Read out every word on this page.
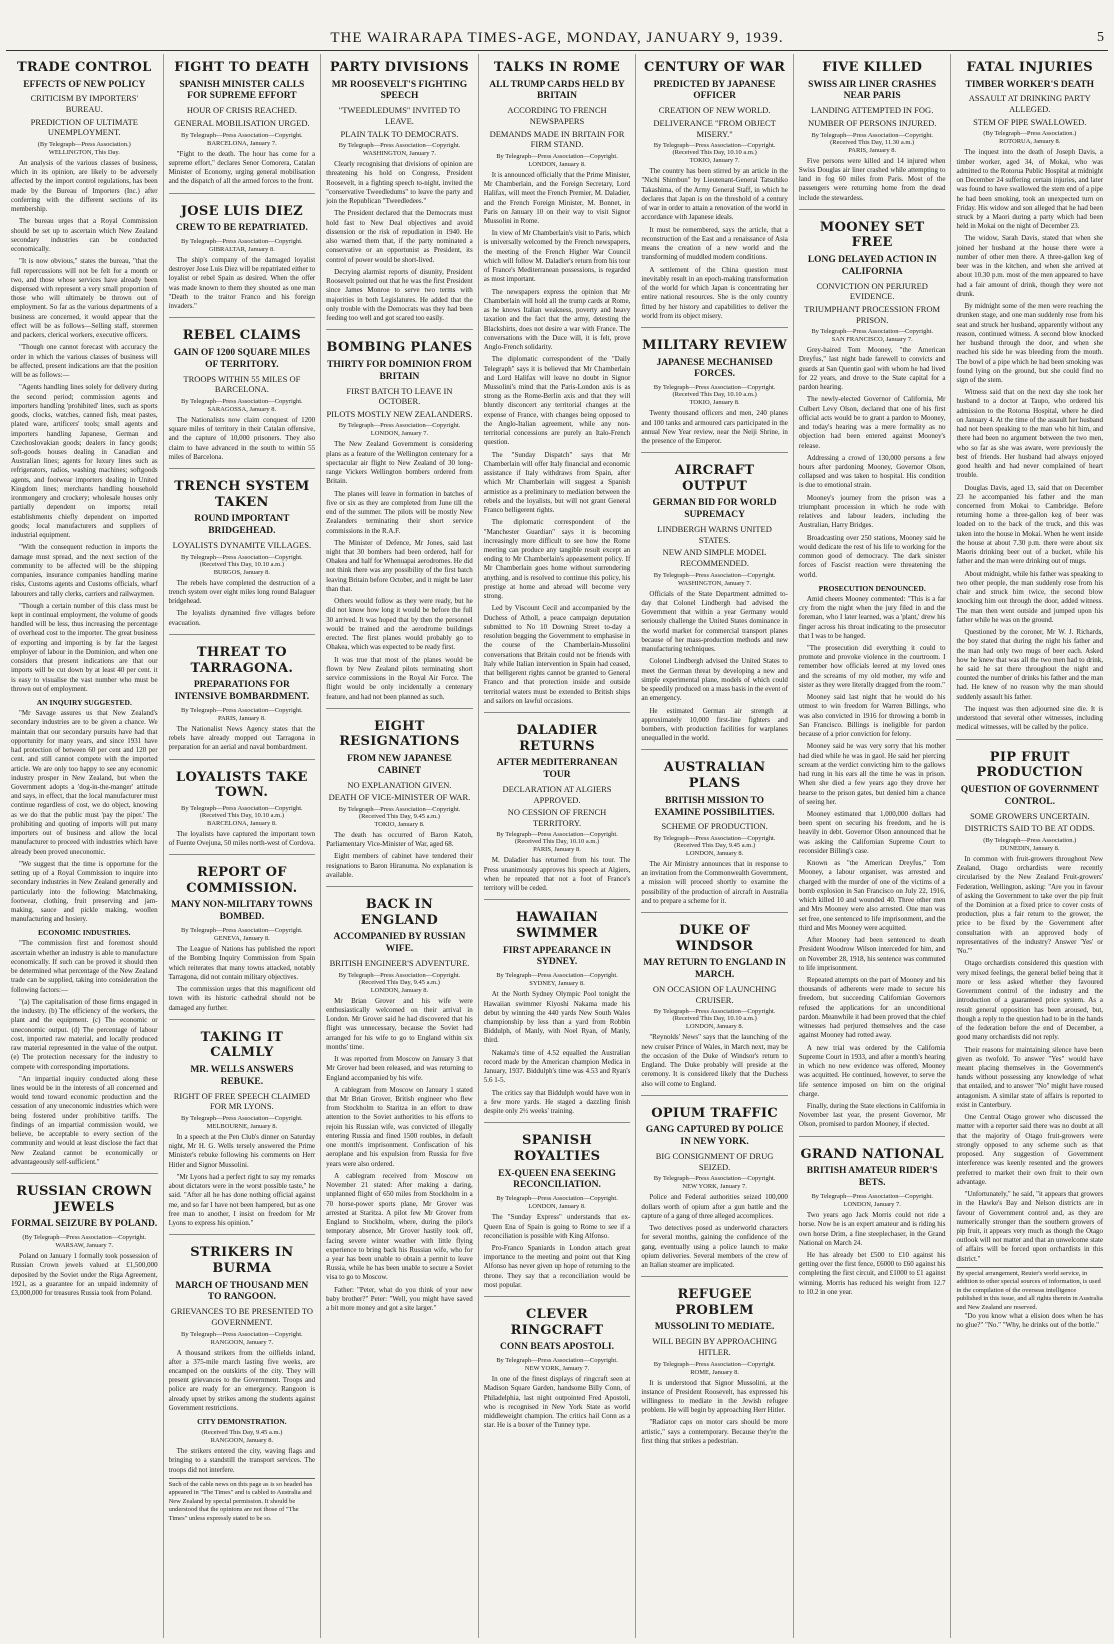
THE WAIRARAPA TIMES-AGE, MONDAY, JANUARY 9, 1939.	5
TRADE CONTROL
EFFECTS OF NEW POLICY
CRITICISM BY IMPORTERS' BUREAU.
PREDICTION OF ULTIMATE UNEMPLOYMENT.
(By Telegraph—Press Association.)
WELLINGTON, This Day.

An analysis of the various classes of business, which in its opinion, are likely to be adversely affected by the import control regulations, has been made by the Bureau of Importers (Inc.) after conferring with the different sections of its membership.

The bureau urges that a Royal Commission should be set up to ascertain which New Zealand secondary industries can be conducted economically.

"It is now obvious," states the bureau, "that the full repercussions will not be felt for a month or two, and those whose services have already been dispensed with represent a very small proportion of those who will ultimately be thrown out of employment. So far as the various departments of a business are concerned, it would appear that the effect will be as follows—Selling staff, storemen and packers, clerical workers, executive officers.

"Though one cannot forecast with accuracy the order in which the various classes of business will be affected, present indications are that the position will be as follows:—

"Agents handling lines solely for delivery during the second period; commission agents and importers handling 'prohibited' lines, such as sports goods, clocks, watches, canned fish, meat pastes, plated ware, artificers' tools; small agents and importers handling Japanese, German and Czechoslovakian goods; dealers in fancy goods; soft-goods houses dealing in Canadian and Australian lines; agents for luxury lines such as refrigerators, radios, washing machines; softgoods agents, and footwear importers dealing in United Kingdom lines; merchants handling household ironmongery and crockery; wholesale houses only partially dependent on imports; retail establishments chiefly dependent on imported goods; local manufacturers and suppliers of industrial equipment.

"With the consequent reduction in imports the damage must spread, and the next section of the community to be affected will be the shipping companies, insurance companies handling marine risks, Customs agents and Customs officials, wharf labourers and tally clerks, carriers and railwaymen.

"Though a certain number of this class must be kept in continual employment, the volume of goods handled will be less, thus increasing the percentage of overhead cost to the importer. The great business of exporting and importing is by far the largest employer of labour in the Dominion, and when one considers that present indications are that our imports will be cut down by at least 40 per cent. it is easy to visualise the vast number who must be thrown out of employment.

AN INQUIRY SUGGESTED.

"Mr Savage assures us that New Zealand's secondary industries are to be given a chance. We maintain that our secondary pursuits have had that opportunity for many years, and since 1931 have had protection of between 60 per cent and 120 per cent. and still cannot compete with the imported article. We are only too happy to see any economic industry prosper in New Zealand, but when the Government adopts a 'dog-in-the-manger' attitude and says, in effect, that the local manufacturer must continue regardless of cost, we do object, knowing as we do that the public must 'pay the piper.' The prohibiting and quoting of imports will put many importers out of business and allow the local manufacturer to proceed with industries which have already been proved uneconomic.

"We suggest that the time is opportune for the setting up of a Royal Commission to inquire into secondary industries in New Zealand generally and particularly into the following: Matchmaking, footwear, clothing, fruit preserving and jam-making, sauce and pickle making, woollen manufacturing and hosiery.

ECONOMIC INDUSTRIES.

"The commission first and foremost should ascertain whether an industry is able to manufacture economically. If such can be proved it should then be determined what percentage of the New Zealand trade can be supplied, taking into consideration the following factors:—

"(a) The capitalisation of those firms engaged in the industry. (b) The efficiency of the workers, the plant and the equipment. (c) The economic or uneconomic output. (d) The percentage of labour cost, imported raw material, and locally produced raw material represented in the value of the output. (e) The protection necessary for the industry to compete with corresponding importations.

"An impartial inquiry conducted along these lines would be in the interests of all concerned and would tend toward economic production and the cessation of any uneconomic industries which were being fostered under prohibitive tariffs. The findings of an impartial commission would, we believe, be acceptable to every section of the community and would at least disclose the fact that New Zealand cannot be economically or advantageously self-sufficient."

RUSSIAN CROWN JEWELS
FORMAL SEIZURE BY POLAND.
(By Telegraph—Press Association—Copyright.
WARSAW, January 7.

Poland on January 1 formally took possession of Russian Crown jewels valued at £1,500,000 deposited by the Soviet under the Riga Agreement, 1921, as a guarantee for an unpaid indemnity of £3,000,000 for treasures Russia took from Poland.

FIGHT TO DEATH
SPANISH MINISTER CALLS FOR SUPREME EFFORT
HOUR OF CRISIS REACHED.
GENERAL MOBILISATION URGED.
By Telegraph—Press Association—Copyright.
BARCELONA, January 7.

"Fight to the death. The hour has come for a supreme effort," declares Senor Comorera, Catalan Minister of Economy, urging general mobilisation and the dispatch of all the armed forces to the front.

JOSE LUIS DIEZ
CREW TO BE REPATRIATED.
By Telegraph—Press Association—Copyright.
GIBRALTAR, January 8.

The ship's company of the damaged loyalist destroyer Jose Luis Diez will be repatriated either to loyalist or rebel Spain as desired. When the offer was made known to them they shouted as one man "Death to the traitor Franco and his foreign invaders."

REBEL CLAIMS
GAIN OF 1200 SQUARE MILES OF TERRITORY.
TROOPS WITHIN 55 MILES OF BARCELONA.
By Telegraph—Press Association—Copyright.
SARAGOSSA, January 8.

The Nationalists now claim conquest of 1200 square miles of territory in their Catalan offensive, and the capture of 10,000 prisoners. They also claim to have advanced in the south to within 55 miles of Barcelona.

TRENCH SYSTEM TAKEN
ROUND IMPORTANT BRIDGEHEAD.
LOYALISTS DYNAMITE VILLAGES.
By Telegraph—Press Association—Copyright. (Received This Day, 10.10 a.m.)
BURGOS, January 8.

The rebels have completed the destruction of a trench system over eight miles long round Balaguer bridgehead.

The loyalists dynamited five villages before evacuation.

THREAT TO TARRAGONA.
PREPARATIONS FOR INTENSIVE BOMBARDMENT.
By Telegraph—Press Association—Copyright.
PARIS, January 8.

The Nationalist News Agency states that the rebels have already mopped out Tarragona in preparation for an aerial and naval bombardment.

LOYALISTS TAKE TOWN.
By Telegraph—Press Association—Copyright. (Received This Day, 10.10 a.m.)
BARCELONA, January 8.

The loyalists have captured the important town of Fuente Ovejuna, 50 miles north-west of Cordova.

REPORT OF COMMISSION.
MANY NON-MILITARY TOWNS BOMBED.
By Telegraph—Press Association—Copyright.
GENEVA, January 8.

The League of Nations has published the report of the Bombing Inquiry Commission from Spain which reiterates that many towns attacked, notably Tarragona, did not contain military objectives.

The commission urges that this magnificent old town with its historic cathedral should not be damaged any further.

TAKING IT CALMLY
MR. WELLS ANSWERS REBUKE.
RIGHT OF FREE SPEECH CLAIMED FOR MR LYONS.
By Telegraph—Press Association—Copyright.
MELBOURNE, January 8.

In a speech at the Pen Club's dinner on Saturday night, Mr H. G. Wells tersely answered the Prime Minister's rebuke following his comments on Herr Hitler and Signor Mussolini.

"Mr Lyons had a perfect right to say my remarks about dictators were in the worst possible taste," he said. "After all he has done nothing official against me, and so far I have not been hampered, but as one free man to another, I insist on freedom for Mr Lyons to express his opinion."

STRIKERS IN BURMA
MARCH OF THOUSAND MEN TO RANGOON.
GRIEVANCES TO BE PRESENTED TO GOVERNMENT.
By Telegraph—Press Association—Copyright.
RANGOON, January 7.

A thousand strikers from the oilfields inland, after a 375-mile march lasting five weeks, are encamped on the outskirts of the city. They will present grievances to the Government. Troops and police are ready for an emergency. Rangoon is already upset by strikes among the students against Government restrictions.

CITY DEMONSTRATION.
(Received This Day, 9.45 a.m.)
RANGOON, January 8.

The strikers entered the city, waving flags and bringing to a standstill the transport services. The troops did not interfere.

Such of the cable news on this page as is so headed has appeared in "The Times" and is cabled to Australia and New Zealand by special permission. It should be understood that the opinions are not those of "The Times" unless expressly stated to be so.
PARTY DIVISIONS
MR ROOSEVELT'S FIGHTING SPEECH
"TWEEDLEDUMS" INVITED TO LEAVE.
PLAIN TALK TO DEMOCRATS.
By Telegraph—Press Association—Copyright.
WASHINGTON, January 7.

Clearly recognising that divisions of opinion are threatening his hold on Congress, President Roosevelt, in a fighting speech to-night, invited the "conservative Tweedledums" to leave the party and join the Republican "Tweedledees."

The President declared that the Democrats must hold fast to New Deal objectives and avoid dissension or the risk of repudiation in 1940. He also warned them that, if the party nominated a conservative or an opportunist as President, its control of power would be short-lived.

Decrying alarmist reports of disunity, President Roosevelt pointed out that he was the first President since James Monroe to serve two terms with majorities in both Legislatures. He added that the only trouble with the Democrats was they had been feeding too well and got scared too easily.

BOMBING PLANES
THIRTY FOR DOMINION FROM BRITAIN
FIRST BATCH TO LEAVE IN OCTOBER.
PILOTS MOSTLY NEW ZEALANDERS.
By Telegraph—Press Association—Copyright.
LONDON, January 7.

The New Zealand Government is considering plans as a feature of the Wellington centenary for a spectacular air flight to New Zealand of 30 long-range Vickers Wellington bombers ordered from Britain.

The planes will leave in formation in batches of five or six as they are completed from June till the end of the summer. The pilots will be mostly New Zealanders terminating their short service commissions in the R.A.F.

The Minister of Defence, Mr Jones, said last night that 30 bombers had been ordered, half for Ohakea and half for Whenuapai aerodromes. He did not think there was any possibility of the first batch leaving Britain before October, and it might be later than that.

Others would follow as they were ready, but he did not know how long it would be before the full 30 arrived. It was hoped that by then the personnel would be trained and the aerodrome buildings erected. The first planes would probably go to Ohakea, which was expected to be ready first.

It was true that most of the planes would be flown by New Zealand pilots terminating short service commissions in the Royal Air Force. The flight would be only incidentally a centenary feature, and had not been planned as such.

EIGHT RESIGNATIONS
FROM NEW JAPANESE CABINET
NO EXPLANATION GIVEN.
DEATH OF VICE-MINISTER OF WAR.
By Telegraph—Press Association—Copyright. (Received This Day, 9.45 a.m.)
TOKIO, January 8.

The death has occurred of Baron Katoh, Parliamentary Vice-Minister of War, aged 68.

Eight members of cabinet have tendered their resignations to Baron Hiranuma. No explanation is available.

BACK IN ENGLAND
ACCOMPANIED BY RUSSIAN WIFE.
BRITISH ENGINEER'S ADVENTURE.
By Telegraph—Press Association—Copyright. (Received This Day, 9.45 a.m.)
LONDON, January 8.

Mr Brian Grover and his wife were enthusiastically welcomed on their arrival in London. Mr Grover said he had discovered that his flight was unnecessary, because the Soviet had arranged for his wife to go to England within six months' time.

It was reported from Moscow on January 3 that Mr Grover had been released, and was returning to England accompanied by his wife.

A cablegram from Moscow on January 1 stated that Mr Brian Grover, British engineer who flew from Stockholm to Staritza in an effort to draw attention to the Soviet authorities to his efforts to rejoin his Russian wife, was convicted of illegally entering Russia and fined 1500 roubles, in default one month's imprisonment. Confiscation of his aeroplane and his expulsion from Russia for five years were also ordered.

A cablegram received from Moscow on November 21 stated: After making a daring, unplanned flight of 650 miles from Stockholm in a 70 horse-power sports plane, Mr Grover was arrested at Staritza. A pilot few Mr Grover from England to Stockholm, where, during the pilot's temporary absence, Mr Grover hastily took off, facing severe winter weather with little flying experience to bring back his Russian wife, who for a year has been unable to obtain a permit to leave Russia, while he has been unable to secure a Soviet visa to go to Moscow.

Father: "Peter, what do you think of your new baby brother?" Peter: "Well, you might have saved a bit more money and got a site larger."

TALKS IN ROME
ALL TRUMP CARDS HELD BY BRITAIN
ACCORDING TO FRENCH NEWSPAPERS
DEMANDS MADE IN BRITAIN FOR FIRM STAND.
By Telegraph—Press Association—Copyright.
LONDON, January 8.

It is announced officially that the Prime Minister, Mr Chamberlain, and the Foreign Secretary, Lord Halifax, will meet the French Premier, M. Daladier, and the French Foreign Minister, M. Bonnet, in Paris on January 10 on their way to visit Signor Mussolini in Rome.

In view of Mr Chamberlain's visit to Paris, which is universally welcomed by the French newspapers, the meeting of the French Higher War Council which will follow M. Daladier's return from his tour of France's Mediterranean possessions, is regarded as most important.

The newspapers express the opinion that Mr Chamberlain will hold all the trump cards at Rome, as he knows Italian weakness, poverty and heavy taxation and the fact that the army, detesting the Blackshirts, does not desire a war with France. The conversations with the Duce will, it is felt, prove Anglo-French solidarity.

The diplomatic correspondent of the "Daily Telegraph" says it is believed that Mr Chamberlain and Lord Halifax will leave no doubt in Signor Mussolini's mind that the Paris-London axis is as strong as the Rome-Berlin axis and that they will bluntly disconcert any territorial changes at the expense of France, with changes being opposed to the Anglo-Italian agreement, while any non-territorial concessions are purely an Italo-French question.

The "Sunday Dispatch" says that Mr Chamberlain will offer Italy financial and economic assistance if Italy withdraws from Spain, after which Mr Chamberlain will suggest a Spanish armistice as a preliminary to mediation between the rebels and the loyalists, but will not grant General Franco belligerent rights.

The diplomatic correspondent of the "Manchester Guardian" says it is becoming increasingly more difficult to see how the Rome meeting can produce any tangible result except an ending to Mr Chamberlain's appeasement policy. If Mr Chamberlain goes home without surrendering anything, and is resolved to continue this policy, his prestige at home and abroad will become very strong.

Led by Viscount Cecil and accompanied by the Duchess of Atholl, a peace campaign deputation submitted to No 10 Downing Street to-day a resolution begging the Government to emphasise in the course of the Chamberlain-Mussolini conversations that Britain could not be friends with Italy while Italian intervention in Spain had ceased, that belligerent rights cannot be granted to General Franco and that protection inside and outside territorial waters must be extended to British ships and sailors on lawful occasions.

DALADIER RETURNS
AFTER MEDITERRANEAN TOUR
DECLARATION AT ALGIERS APPROVED.
NO CESSION OF FRENCH TERRITORY.
By Telegraph—Press Association—Copyright. (Received This Day, 10.10 a.m.)
PARIS, January 8.

M. Daladier has returned from his tour. The Press unanimously approves his speech at Algiers, when he repeated that not a foot of France's territory will be ceded.

HAWAIIAN SWIMMER
FIRST APPEARANCE IN SYDNEY.
By Telegraph—Press Association—Copyright.
SYDNEY, January 8.

At the North Sydney Olympic Pool tonight the Hawaiian swimmer Kiyoshi Nakama made his debut by winning the 440 yards New South Wales championship by less than a yard from Robbin Biddulph, of Manly, with Noel Ryan, of Manly, third.

Nakama's time of 4.52 equalled the Australian record made by the American champion Medica in January, 1937. Biddulph's time was 4.53 and Ryan's 5.6 1-5.

The critics say that Biddulph would have won in a few more yards. He staged a dazzling finish despite only 2½ weeks' training.

SPANISH ROYALTIES
EX-QUEEN ENA SEEKING RECONCILIATION.
By Telegraph—Press Association—Copyright.
LONDON, January 8.

The "Sunday Express" understands that ex-Queen Ena of Spain is going to Rome to see if a reconciliation is possible with King Alfonso.

Pro-Franco Spaniards in London attach great importance to the meeting and point out that King Alfonso has never given up hope of returning to the throne. They say that a reconciliation would be most popular.

CLEVER RINGCRAFT
CONN BEATS APOSTOLI.
By Telegraph—Press Association—Copyright.
NEW YORK, January 7.

In one of the finest displays of ringcraft seen at Madison Square Garden, handsome Billy Conn, of Philadelphia, last night outpointed Fred Apostoli, who is recognised in New York State as world middleweight champion. The critics hail Conn as a star. He is a boxer of the Tunney type.

CENTURY OF WAR
PREDICTED BY JAPANESE OFFICER
CREATION OF NEW WORLD.
DELIVERANCE "FROM OBJECT MISERY."
By Telegraph—Press Association—Copyright. (Received This Day, 10.10 a.m.)
TOKIO, January 7.

The country has been stirred by an article in the "Nichi Shimbun" by Lieutenant-General Tatsuhiko Takashima, of the Army General Staff, in which he declares that Japan is on the threshold of a century of war in order to attain a renovation of the world in accordance with Japanese ideals.

It must be remembered, says the article, that a reconstruction of the East and a renaissance of Asia means the creation of a new world and the transforming of muddled modern conditions.

A settlement of the China question must inevitably result in an epoch-making transformation of the world for which Japan is concentrating her entire national resources. She is the only country fitted by her history and capabilities to deliver the world from its object misery.

MILITARY REVIEW
JAPANESE MECHANISED FORCES.
By Telegraph—Press Association—Copyright. (Received This Day, 10.10 a.m.)
TOKIO, January 8.

Twenty thousand officers and men, 240 planes and 100 tanks and armoured cars participated in the annual New Year review, near the Neiji Shrine, in the presence of the Emperor.

AIRCRAFT OUTPUT
GERMAN BID FOR WORLD SUPREMACY
LINDBERGH WARNS UNITED STATES.
NEW AND SIMPLE MODEL RECOMMENDED.
By Telegraph—Press Association—Copyright.
WASHINGTON, January 7.

Officials of the State Department admitted to-day that Colonel Lindbergh had advised the Government that within a year Germany would seriously challenge the United States dominance in the world market for commercial transport planes because of her mass-production methods and new manufacturing techniques.

Colonel Lindbergh advised the United States to meet the German threat by developing a new and simple experimental plane, models of which could be speedily produced on a mass basis in the event of an emergency.

He estimated German air strength at approximately 10,000 first-line fighters and bombers, with production facilities for warplanes unequalled in the world.

AUSTRALIAN PLANS
BRITISH MISSION TO EXAMINE POSSIBILITIES.
SCHEME OF PRODUCTION.
By Telegraph—Press Association—Copyright. (Received This Day, 9.45 a.m.)
LONDON, January 8.

The Air Ministry announces that in response to an invitation from the Commonwealth Government, a mission will proceed shortly to examine the possibility of the production of aircraft in Australia and to prepare a scheme for it.

DUKE OF WINDSOR
MAY RETURN TO ENGLAND IN MARCH.
ON OCCASION OF LAUNCHING CRUISER.
By Telegraph—Press Association—Copyright. (Received This Day, 10.10 a.m.)
LONDON, January 8.

"Reynolds' News" says that the launching of the new cruiser Prince of Wales, in March next, may be the occasion of the Duke of Windsor's return to England. The Duke probably will preside at the ceremony. It is considered likely that the Duchess also will come to England.

OPIUM TRAFFIC
GANG CAPTURED BY POLICE IN NEW YORK.
BIG CONSIGNMENT OF DRUG SEIZED.
By Telegraph—Press Association—Copyright.
NEW YORK, January 7.

Police and Federal authorities seized 100,000 dollars worth of opium after a gun battle and the capture of a gang of three alleged accomplices.

Two detectives posed as underworld characters for several months, gaining the confidence of the gang, eventually using a police launch to make opium deliveries. Several members of the crew of an Italian steamer are implicated.

REFUGEE PROBLEM
MUSSOLINI TO MEDIATE.
WILL BEGIN BY APPROACHING HITLER.
By Telegraph—Press Association—Copyright.
ROME, January 8.

It is understood that Signor Mussolini, at the instance of President Roosevelt, has expressed his willingness to mediate in the Jewish refugee problem. He will begin by approaching Herr Hitler.

"Radiator caps on motor cars should be more artistic," says a contemporary. Because they're the first thing that strikes a pedestrian.

FIVE KILLED
SWISS AIR LINER CRASHES NEAR PARIS
LANDING ATTEMPTED IN FOG.
NUMBER OF PERSONS INJURED.
By Telegraph—Press Association—Copyright. (Received This Day, 11.30 a.m.)
PARIS, January 8.

Five persons were killed and 14 injured when Swiss Douglas air liner crashed while attempting to land in fog 60 miles from Paris. Most of the passengers were returning home from the dead include the stewardess.

MOONEY SET FREE
LONG DELAYED ACTION IN CALIFORNIA
CONVICTION ON PERJURED EVIDENCE.
TRIUMPHANT PROCESSION FROM PRISON.
By Telegraph—Press Association—Copyright.
SAN FRANCISCO, January 7.

Grey-haired Tom Mooney, "the American Dreyfus," last night bade farewell to convicts and guards at San Quentin gaol with whom he had lived for 22 years, and drove to the State capital for a pardon hearing.

The newly-elected Governor of California, Mr Culbert Levy Olson, declared that one of his first official acts would be to grant a pardon to Mooney, and today's hearing was a mere formality as no objection had been entered against Mooney's release.

Addressing a crowd of 130,000 persons a few hours after pardoning Mooney, Governor Olson, collapsed and was taken to hospital. His condition is due to emotional strain.

Mooney's journey from the prison was a triumphant procession in which he rode with relatives and labour leaders, including the Australian, Harry Bridges.

Broadcasting over 250 stations, Mooney said he would dedicate the rest of his life to working for the common good of democracy. The dark sinister forces of Fascist reaction were threatening the world.

PROSECUTION DENOUNCED.

Amid cheers Mooney commented: "This is a far cry from the night when the jury filed in and the foreman, who I later learned, was a 'plant,' drew his finger across his throat indicating to the prosecutor that I was to be hanged.

"The prosecution did everything it could to promote and provoke violence in the courtroom. I remember how officials leered at my loved ones and the screams of my old mother, my wife and sister as they were literally dragged from the room."

Mooney said last night that he would do his utmost to win freedom for Warren Billings, who was also convicted in 1916 for throwing a bomb in San Francisco. Billings is ineligible for pardon because of a prior conviction for felony.

Mooney said he was very sorry that his mother had died while he was in gaol. He said her piercing scream at the verdict convicting him to the gallows had rung in his ears all the time he was in prison. When she died a few years ago they drove her hearse to the prison gates, but denied him a chance of seeing her.

Mooney estimated that 1,000,000 dollars had been spent on securing his freedom, and he is heavily in debt. Governor Olson announced that he was asking the Californian Supreme Court to reconsider Billing's case.

Known as "the American Dreyfus," Tom Mooney, a labour organiser, was arrested and charged with the murder of one of the victims of a bomb explosion in San Francisco on July 22, 1916, which killed 10 and wounded 40. Three other men and Mrs Mooney were also arrested. One man was set free, one sentenced to life imprisonment, and the third and Mrs Mooney were acquitted.

After Mooney had been sentenced to death President Woodrow Wilson interceded for him, and on November 28, 1918, his sentence was commuted to life imprisonment.

Repeated attempts on the part of Mooney and his thousands of adherents were made to secure his freedom, but succeeding Californian Governors refused the applications for an unconditional pardon. Meanwhile it had been proved that the chief witnesses had perjured themselves and the case against Mooney had rotted away.

A new trial was ordered by the California Supreme Court in 1933, and after a month's hearing in which no new evidence was offered, Mooney was acquitted. He continued, however, to serve the life sentence imposed on him on the original charge.

Finally, during the State elections in California in November last year, the present Governor, Mr Olson, promised to pardon Mooney, if elected.

GRAND NATIONAL
BRITISH AMATEUR RIDER'S BETS.
By Telegraph—Press Association—Copyright.
LONDON, January 7.

Two years ago Jack Morris could not ride a horse. Now he is an expert amateur and is riding his own horse Drim, a fine steeplechaser, in the Grand National on March 24.

He has already bet £500 to £10 against his getting over the first fence, £6000 to £60 against his completing the first circuit, and £1000 to £1 against winning. Morris has reduced his weight from 12.7 to 10.2 in one year.

FATAL INJURIES
TIMBER WORKER'S DEATH
ASSAULT AT DRINKING PARTY ALLEGED.
STEM OF PIPE SWALLOWED.
(By Telegraph—Press Association.)
ROTORUA, January 8.

The inquest into the death of Joseph Davis, a timber worker, aged 34, of Mokai, who was admitted to the Rotorua Public Hospital at midnight on December 24 suffering certain injuries, and later was found to have swallowed the stem end of a pipe he had been smoking, took an unexpected turn on Friday. His widow and son alleged that he had been struck by a Maori during a party which had been held in Mokai on the night of December 23.

The widow, Sarah Davis, stated that when she joined her husband at the house there were a number of other men there. A three-gallon keg of beer was in the kitchen, and when she arrived at about 10.30 p.m. most of the men appeared to have had a fair amount of drink, though they were not drunk.

By midnight some of the men were reaching the drunken stage, and one man suddenly rose from his seat and struck her husband, apparently without any reason, continued witness. A second blow knocked her husband through the door, and when she reached his side he was bleeding from the mouth. The bowl of a pipe which he had been smoking was found lying on the ground, but she could find no sign of the stem.

Witness said that on the next day she took her husband to a doctor at Taupo, who ordered his admission to the Rotorua Hospital, where he died on January 4. At the time of the assault her husband had not been speaking to the man who hit him, and there had been no argument between the two men, who so far as she was aware, were previously the best of friends. Her husband had always enjoyed good health and had never complained of heart trouble.

Douglas Davis, aged 13, said that on December 23 he accompanied his father and the man concerned from Mokai to Cambridge. Before returning home a three-gallon keg of beer was loaded on to the back of the truck, and this was taken into the house in Mokai. When he went inside the house at about 7.30 p.m. there were about six Maoris drinking beer out of a bucket, while his father and the man were drinking out of mugs.

About midnight, while his father was speaking to two other people, the man suddenly rose from his chair and struck him twice, the second blow knocking him out through the door, added witness. The man then went outside and jumped upon his father while he was on the ground.

Questioned by the coroner, Mr W. J. Richards, the boy stated that during the night his father and the man had only two mugs of beer each. Asked how he knew that was all the two men had to drink, he said he sat there throughout the night and counted the number of drinks his father and the man had. He knew of no reason why the man should suddenly assault his father.

The inquest was then adjourned sine die. It is understood that several other witnesses, including medical witnesses, will be called by the police.

PIP FRUIT PRODUCTION
QUESTION OF GOVERNMENT CONTROL.
SOME GROWERS UNCERTAIN.
DISTRICTS SAID TO BE AT ODDS.
(By Telegraph—Press Association.)
DUNEDIN, January 8.

In common with fruit-growers throughout New Zealand, Otago orchardists were recently circularised by the New Zealand Fruit-growers' Federation, Wellington, asking: "Are you in favour of asking the Government to take over the pip fruit of the Dominion at a fixed price to cover costs of production, plus a fair return to the grower, the price to be fixed by the Government after consultation with an approved body of representatives of the industry? Answer 'Yes' or 'No.'"

Otago orchardists considered this question with very mixed feelings, the general belief being that it more or less asked whether they favoured Government control of the industry and the introduction of a guaranteed price system. As a result general opposition has been aroused, but, though a reply to the question had to be in the hands of the federation before the end of December, a good many orchardists did not reply.

Their reasons for maintaining silence have been given as twofold. To answer "Yes" would have meant placing themselves in the Government's hands without possessing any knowledge of what that entailed, and to answer "No" might have roused antagonism. A similar state of affairs is reported to exist in Canterbury.

One Central Otago grower who discussed the matter with a reporter said there was no doubt at all that the majority of Otago fruit-growers were strongly opposed to any scheme such as that proposed. Any suggestion of Government interference was keenly resented and the growers preferred to market their own fruit to their own advantage.

"Unfortunately," he said, "it appears that growers in the Hawke's Bay and Nelson districts are in favour of Government control and, as they are numerically stronger than the southern growers of pip fruit, it appears very much as though the Otago outlook will not matter and that an unwelcome state of affairs will be forced upon orchardists in this district."

By special arrangement, Reuter's world service, in addition to other special sources of information, is used in the compilation of the overseas intelligence published in this issue, and all rights therein in Australia and New Zealand are reserved.

"Do you know what a elision does when he has no glue?" "No." "Why, he drinks out of the bottle."
